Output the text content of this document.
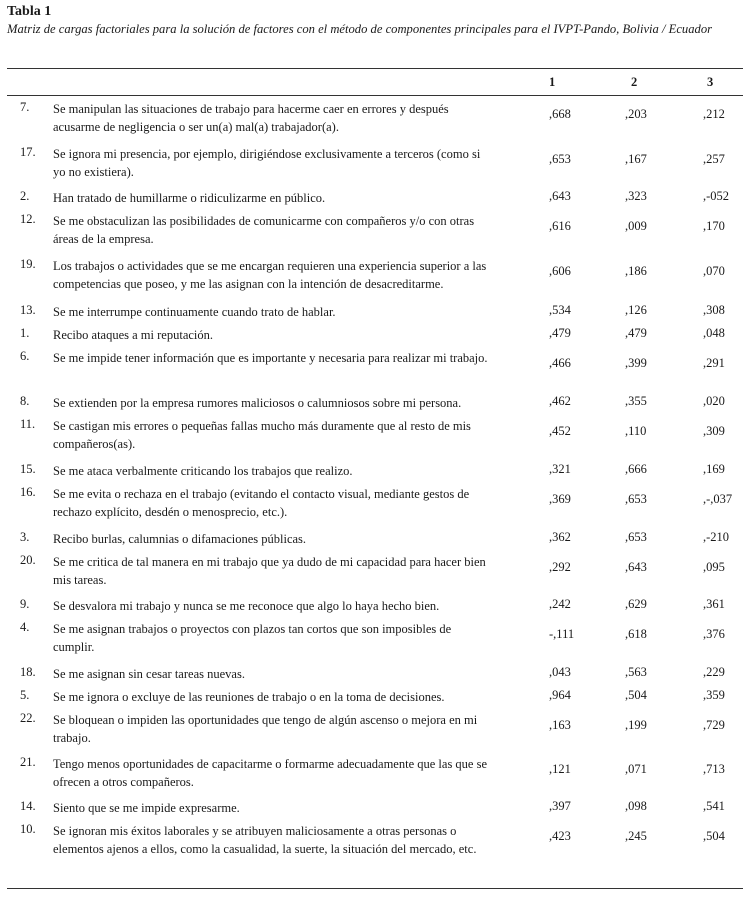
Tabla 1
Matriz de cargas factoriales para la solución de factores con el método de componentes principales para el IVPT-Pando, Bolivia / Ecuador
1	2	3
7. Se manipulan las situaciones de trabajo para hacerme caer en errores y después acusarme de negligencia o ser un(a) mal(a) trabajador(a).
,668	,203	,212
17. Se ignora mi presencia, por ejemplo, dirigiéndose exclusivamente a terceros (como si yo no existiera).
,653	,167	,257
2. Han tratado de humillarme o ridiculizarme en público.	,643	,323	,-052
12. Se me obstaculizan las posibilidades de comunicarme con compañeros y/o con otras áreas de la empresa.
,616	,009	,170
19. Los trabajos o actividades que se me encargan requieren una experiencia superior a las competencias que poseo, y me las asignan con la intención de desacreditarme.
,606	,186	,070
13. Se me interrumpe continuamente cuando trato de hablar.	,534	,126	,308
1. Recibo ataques a mi reputación.	,479	,479	,048
6. Se me impide tener información que es importante y necesaria para realizar mi trabajo.	,466	,399	,291
8. Se extienden por la empresa rumores maliciosos o calumniosos sobre mi persona.	,462	,355	,020
11. Se castigan mis errores o pequeñas fallas mucho más duramente que al resto de mis compañeros(as).
,452	,110	,309
15. Se me ataca verbalmente criticando los trabajos que realizo.	,321	,666	,169
16. Se me evita o rechaza en el trabajo (evitando el contacto visual, mediante gestos de rechazo explícito, desdén o menosprecio, etc.).
,369	,653	,-,037
3. Recibo burlas, calumnias o difamaciones públicas.	,362	,653	,-210
20. Se me critica de tal manera en mi trabajo que ya dudo de mi capacidad para hacer bien mis tareas.
,292	,643	,095
9. Se desvalora mi trabajo y nunca se me reconoce que algo lo haya hecho bien.	,242	,629	,361
4. Se me asignan trabajos o proyectos con plazos tan cortos que son imposibles de cumplir.
-,111	,618	,376
18. Se me asignan sin cesar tareas nuevas.	,043	,563	,229
5. Se me ignora o excluye de las reuniones de trabajo o en la toma de decisiones.	,964	,504	,359
22. Se bloquean o impiden las oportunidades que tengo de algún ascenso o mejora en mi trabajo.
,163	,199	,729
21. Tengo menos oportunidades de capacitarme o formarme adecuadamente que las que se ofrecen a otros compañeros.
,121	,071	,713
14. Siento que se me impide expresarme.	,397	,098	,541
10. Se ignoran mis éxitos laborales y se atribuyen maliciosamente a otras personas o elementos ajenos a ellos, como la casualidad, la suerte, la situación del mercado, etc.
,423	,245	,504
